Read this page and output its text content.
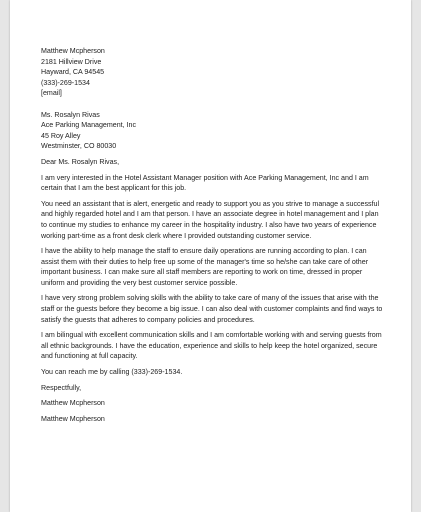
Matthew Mcpherson
2181 Hillview Drive
Hayward, CA 94545
(333)-269-1534
[email]
Ms. Rosalyn Rivas
Ace Parking Management, Inc
45 Roy Alley
Westminster, CO 80030
Dear Ms. Rosalyn Rivas,
I am very interested in the Hotel Assistant Manager position with Ace Parking Management, Inc and I am
certain that I am the best applicant for this job.
You need an assistant that is alert, energetic and ready to support you as you strive to manage a successful
and highly regarded hotel and I am that person. I have an associate degree in hotel management and I plan
to continue my studies to enhance my career in the hospitality industry. I also have two years of experience
working part-time as a front desk clerk where I provided outstanding customer service.
I have the ability to help manage the staff to ensure daily operations are running according to plan. I can
assist them with their duties to help free up some of the manager's time so he/she can take care of other
important business. I can make sure all staff members are reporting to work on time, dressed in proper
uniform and providing the very best customer service possible.
I have very strong problem solving skills with the ability to take care of many of the issues that arise with the
staff or the guests before they become a big issue. I can also deal with customer complaints and find ways to
satisfy the guests that adheres to company policies and procedures.
I am bilingual with excellent communication skills and I am comfortable working with and serving guests from
all ethnic backgrounds. I have the education, experience and skills to help keep the hotel organized, secure
and functioning at full capacity.
You can reach me by calling (333)-269-1534.
Respectfully,
Matthew Mcpherson
Matthew Mcpherson
